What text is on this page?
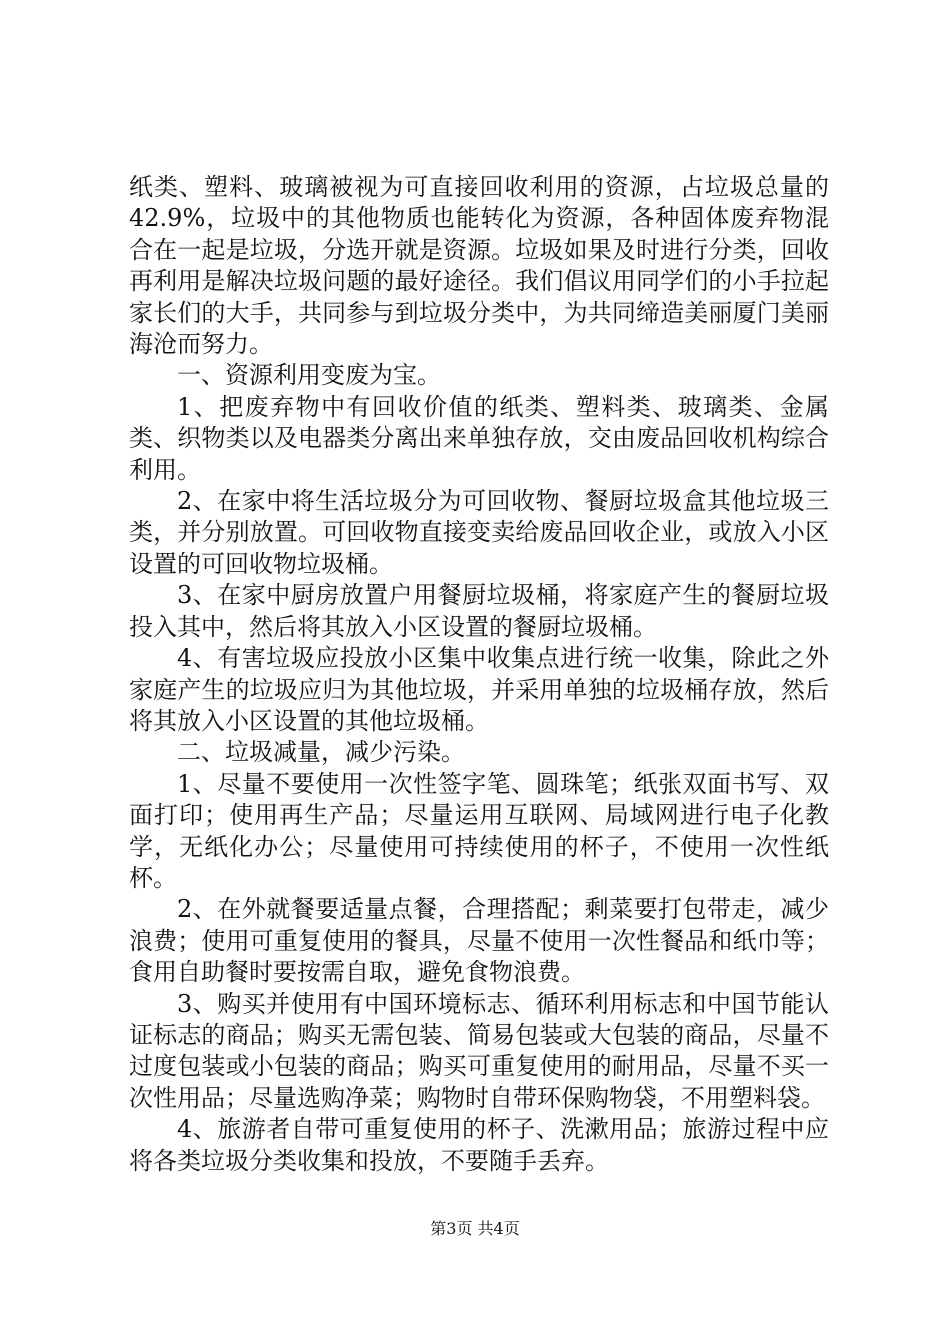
纸类、塑料、玻璃被视为可直接回收利用的资源，占垃圾总量的42.9%，垃圾中的其他物质也能转化为资源，各种固体废弃物混合在一起是垃圾，分选开就是资源。垃圾如果及时进行分类，回收再利用是解决垃圾问题的最好途径。我们倡议用同学们的小手拉起家长们的大手，共同参与到垃圾分类中，为共同缔造美丽厦门美丽海沧而努力。

一、资源利用变废为宝。

1、把废弃物中有回收价值的纸类、塑料类、玻璃类、金属类、织物类以及电器类分离出来单独存放，交由废品回收机构综合利用。

2、在家中将生活垃圾分为可回收物、餐厨垃圾盒其他垃圾三类，并分别放置。可回收物直接变卖给废品回收企业，或放入小区设置的可回收物垃圾桶。

3、在家中厨房放置户用餐厨垃圾桶，将家庭产生的餐厨垃圾投入其中，然后将其放入小区设置的餐厨垃圾桶。

4、有害垃圾应投放小区集中收集点进行统一收集，除此之外家庭产生的垃圾应归为其他垃圾，并采用单独的垃圾桶存放，然后将其放入小区设置的其他垃圾桶。

二、垃圾减量，减少污染。

1、尽量不要使用一次性签字笔、圆珠笔；纸张双面书写、双面打印；使用再生产品；尽量运用互联网、局域网进行电子化教学，无纸化办公；尽量使用可持续使用的杯子，不使用一次性纸杯。

2、在外就餐要适量点餐，合理搭配；剩菜要打包带走，减少浪费；使用可重复使用的餐具，尽量不使用一次性餐品和纸巾等；食用自助餐时要按需自取，避免食物浪费。

3、购买并使用有中国环境标志、循环利用标志和中国节能认证标志的商品；购买无需包装、简易包装或大包装的商品，尽量不过度包装或小包装的商品；购买可重复使用的耐用品，尽量不买一次性用品；尽量选购净菜；购物时自带环保购物袋，不用塑料袋。

4、旅游者自带可重复使用的杯子、洗漱用品；旅游过程中应将各类垃圾分类收集和投放，不要随手丢弃。

第3页 共4页
